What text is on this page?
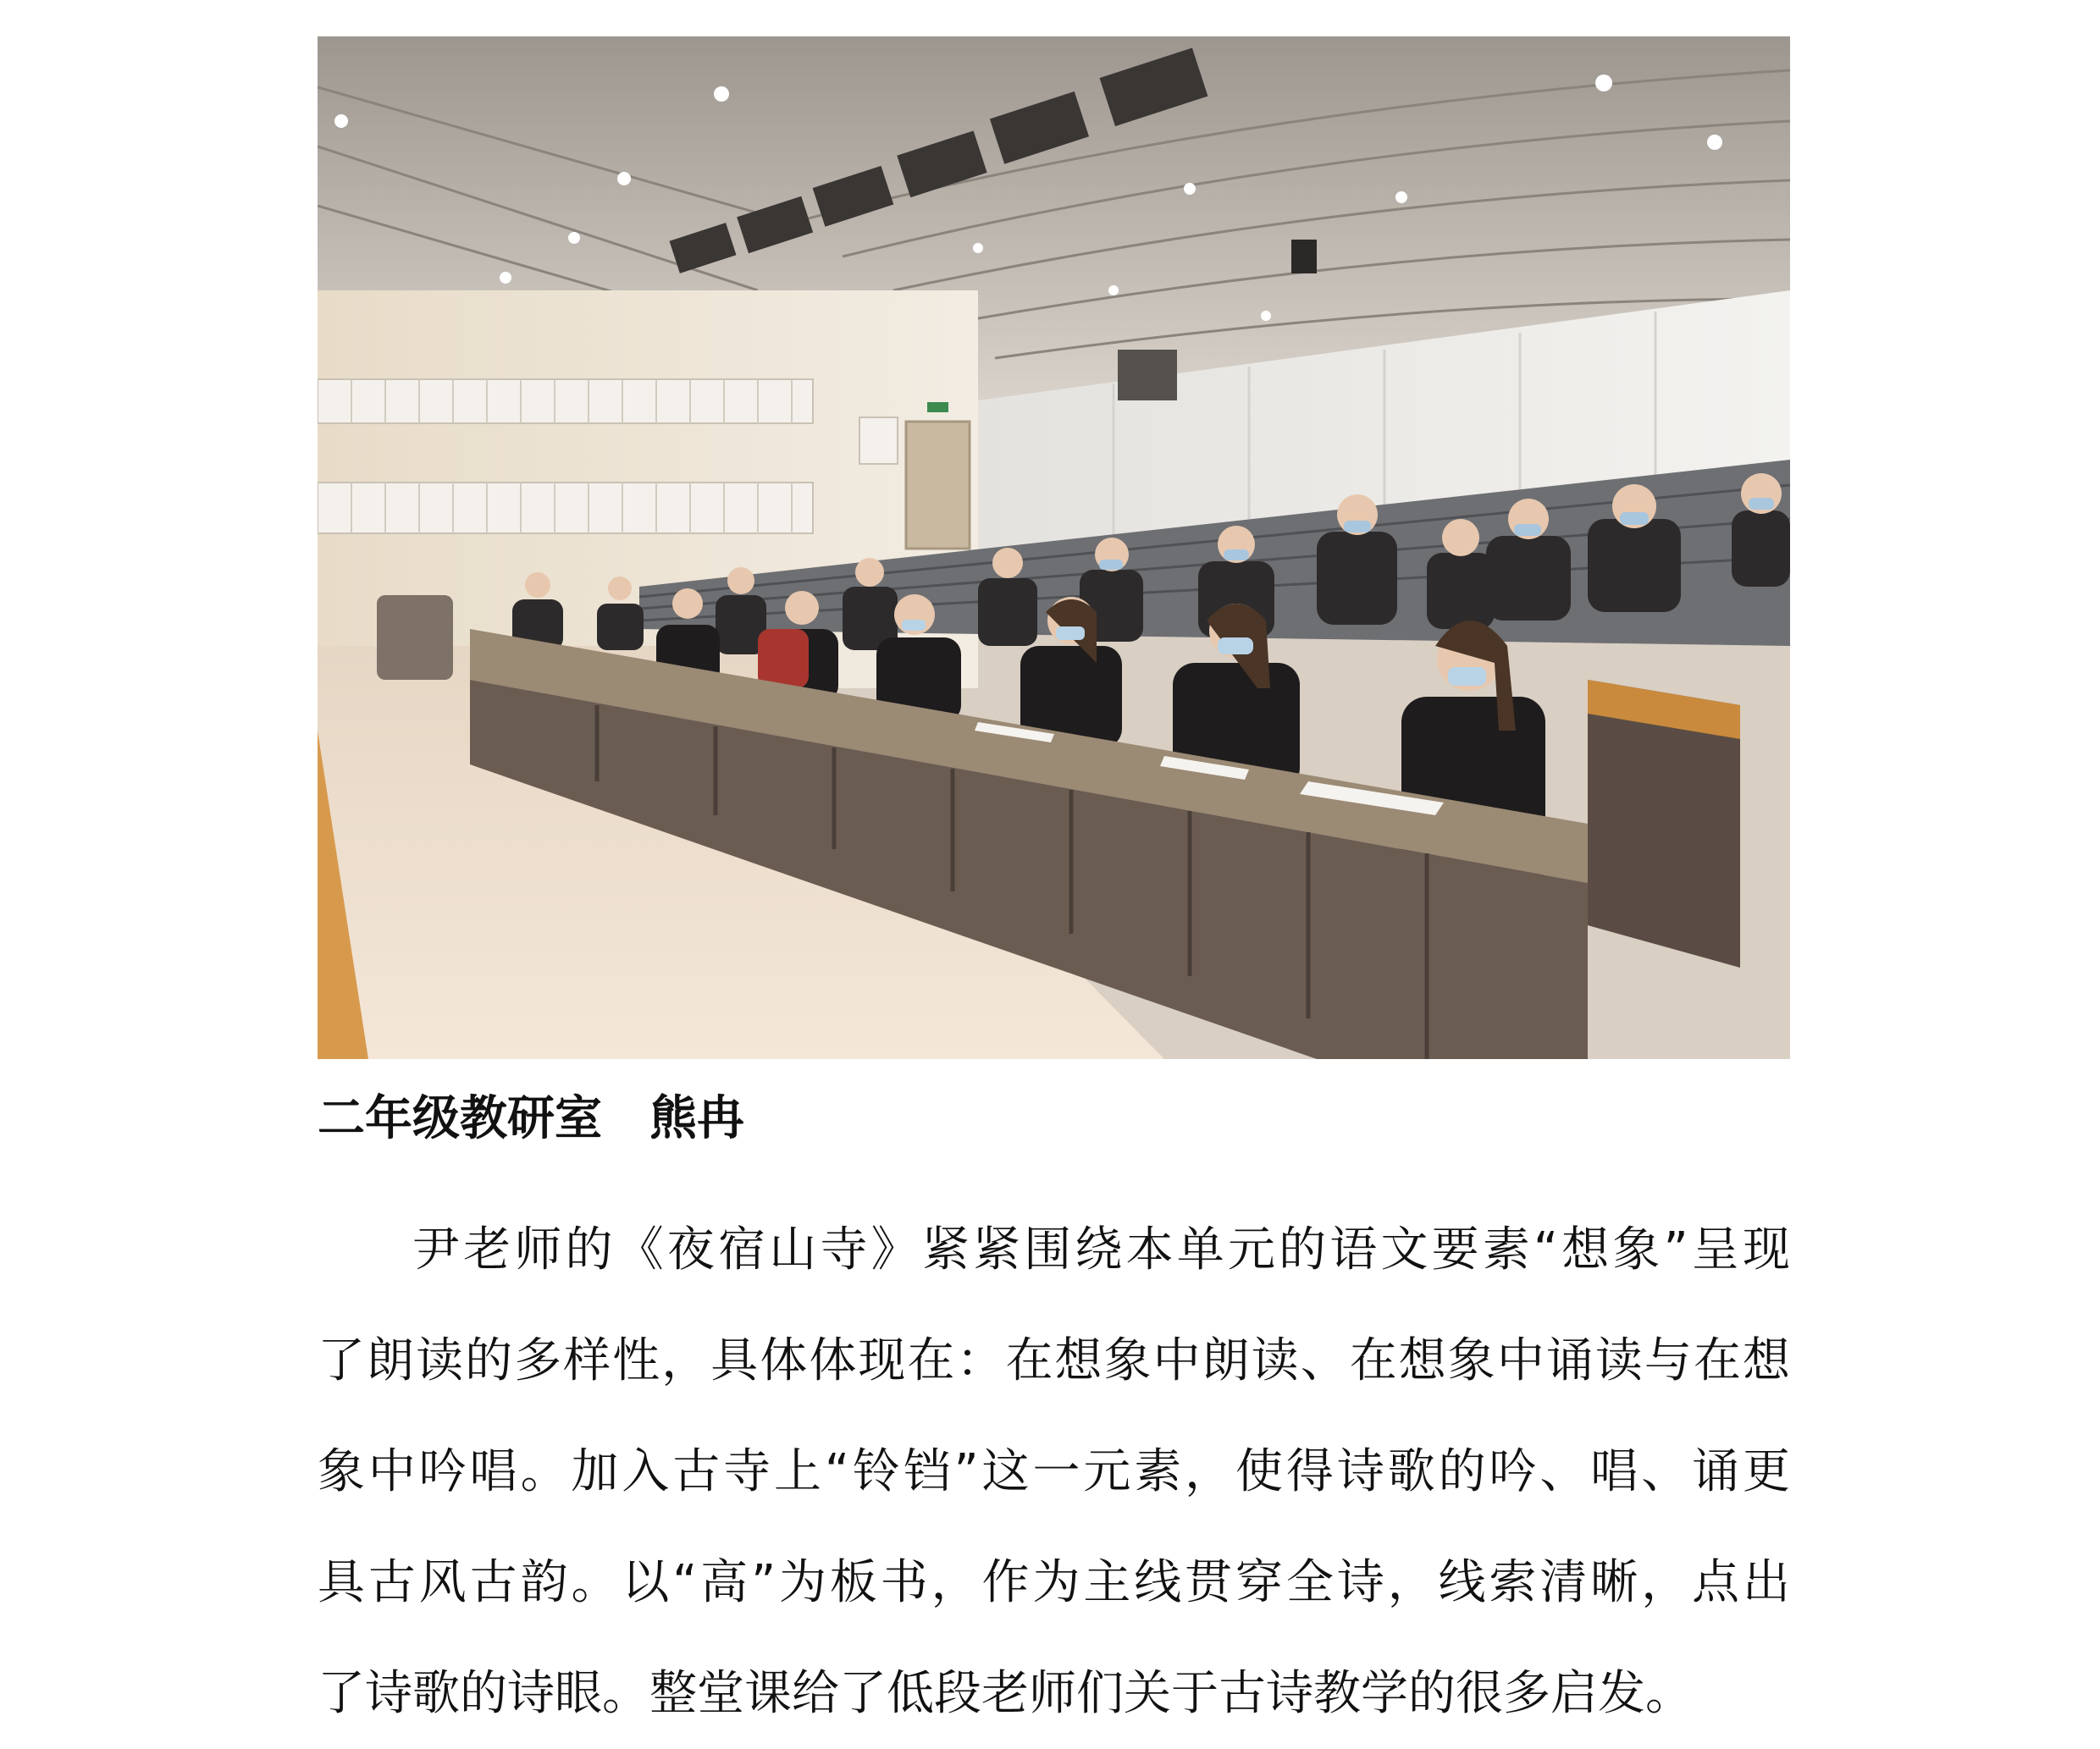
二年级教研室　 熊冉
尹老师的《夜宿山寺》紧紧围绕本单元的语文要素“想象”呈现
了朗读的多样性，具体体现在：在想象中朗读、在想象中诵读与在想
象中吟唱。加入古寺上“铃铛”这一元素，使得诗歌的吟、唱、诵更
具古风古韵。以“高”为板书，作为主线贯穿全诗，线索清晰，点出
了诗歌的诗眼。整堂课给了低段老师们关于古诗教学的很多启发。
